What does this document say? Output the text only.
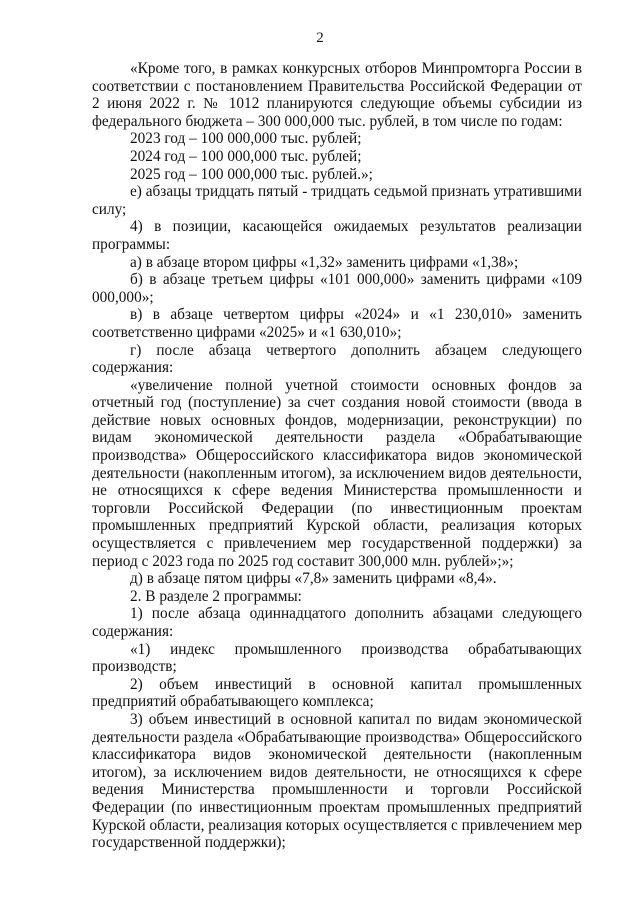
2

«Кроме того, в рамках конкурсных отборов Минпромторга России в соответствии с постановлением Правительства Российской Федерации от 2 июня 2022 г. № 1012 планируются следующие объемы субсидии из федерального бюджета – 300 000,000 тыс. рублей, в том числе по годам:

2023 год – 100 000,000 тыс. рублей;

2024 год – 100 000,000 тыс. рублей;

2025 год – 100 000,000 тыс. рублей.»;

е) абзацы тридцать пятый - тридцать седьмой признать утратившими силу;

4) в позиции, касающейся ожидаемых результатов реализации программы:

а) в абзаце втором цифры «1,32» заменить цифрами «1,38»;

б) в абзаце третьем цифры «101 000,000» заменить цифрами «109 000,000»;

в) в абзаце четвертом цифры «2024» и «1 230,010» заменить соответственно цифрами «2025» и «1 630,010»;

г) после абзаца четвертого дополнить абзацем следующего содержания:

«увеличение полной учетной стоимости основных фондов за отчетный год (поступление) за счет создания новой стоимости (ввода в действие новых основных фондов, модернизации, реконструкции) по видам экономической деятельности раздела «Обрабатывающие производства» Общероссийского классификатора видов экономической деятельности (накопленным итогом), за исключением видов деятельности, не относящихся к сфере ведения Министерства промышленности и торговли Российской Федерации (по инвестиционным проектам промышленных предприятий Курской области, реализация которых осуществляется с привлечением мер государственной поддержки) за период с 2023 года по 2025 год составит 300,000 млн. рублей»;»;

д) в абзаце пятом цифры «7,8» заменить цифрами «8,4».

2. В разделе 2 программы:

1) после абзаца одиннадцатого дополнить абзацами следующего содержания:

«1) индекс промышленного производства обрабатывающих производств;

2) объем инвестиций в основной капитал промышленных предприятий обрабатывающего комплекса;

3) объем инвестиций в основной капитал по видам экономической деятельности раздела «Обрабатывающие производства» Общероссийского классификатора видов экономической деятельности (накопленным итогом), за исключением видов деятельности, не относящихся к сфере ведения Министерства промышленности и торговли Российской Федерации (по инвестиционным проектам промышленных предприятий Курской области, реализация которых осуществляется с привлечением мер государственной поддержки);
